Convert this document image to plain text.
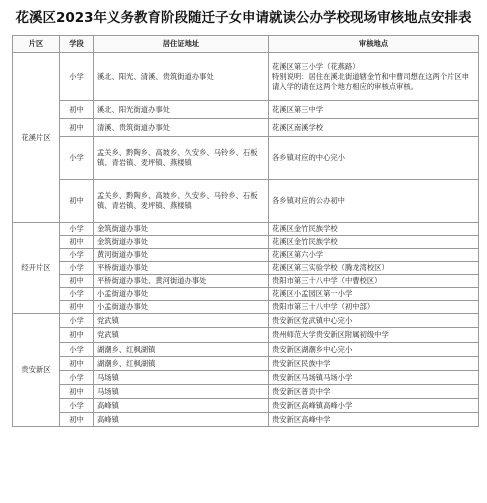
花溪区2023年义务教育阶段随迁子女申请就读公办学校现场审核地点安排表
片区	学段	居住证地址	审核地点
花溪片区	小学	溪北、阳光、清溪、贵筑街道办事处	花溪区第三小学（花燕路）
特别说明：居住在溪北街道辖金竹和中曹司想在这两个片区申请入学的请在这两个地方相应的审核点审核。
	初中	溪北、阳光街道办事处	花溪区第三中学
	初中	清溪、贵筑街道办事处	花溪区南溪学校
	小学	孟关乡、黔陶乡、高坡乡、久安乡、马铃乡、石板镇、青岩镇、麦坪镇、燕楼镇	各乡镇对应的中心完小
	初中	孟关乡、黔陶乡、高坡乡、久安乡、马铃乡、石板镇、青岩镇、麦坪镇、燕楼镇	各乡镇对应的公办初中
经开片区	小学	金筑街道办事处	花溪区金竹民族学校
	初中	金筑街道办事处	花溪区金竹民族学校
	小学	黄河街道办事处	花溪区第六小学
	小学	平桥街道办事处	花溪区第三实验学校（腾龙湾校区）
	初中	平桥街道办事处、黄河街道办事处	贵阳市第三十八中学（中曹校区）
	小学	小孟街道办事处	花溪区小孟园区第一小学
	初中	小孟街道办事处	贵阳市第三十八中学（初中部）
贵安新区	小学	党武镇	贵安新区党武镇中心完小
	初中	党武镇	贵州师范大学贵安新区附属初级中学
	小学	湖潮乡、红枫湖镇	贵安新区湖潮乡中心完小
	初中	湖潮乡、红枫湖镇	贵安新区民族中学
	小学	马场镇	贵安新区马场镇马场小学
	初中	马场镇	贵安新区普贡中学
	小学	高峰镇	贵安新区高峰镇高峰小学
	初中	高峰镇	贵安新区高峰中学
